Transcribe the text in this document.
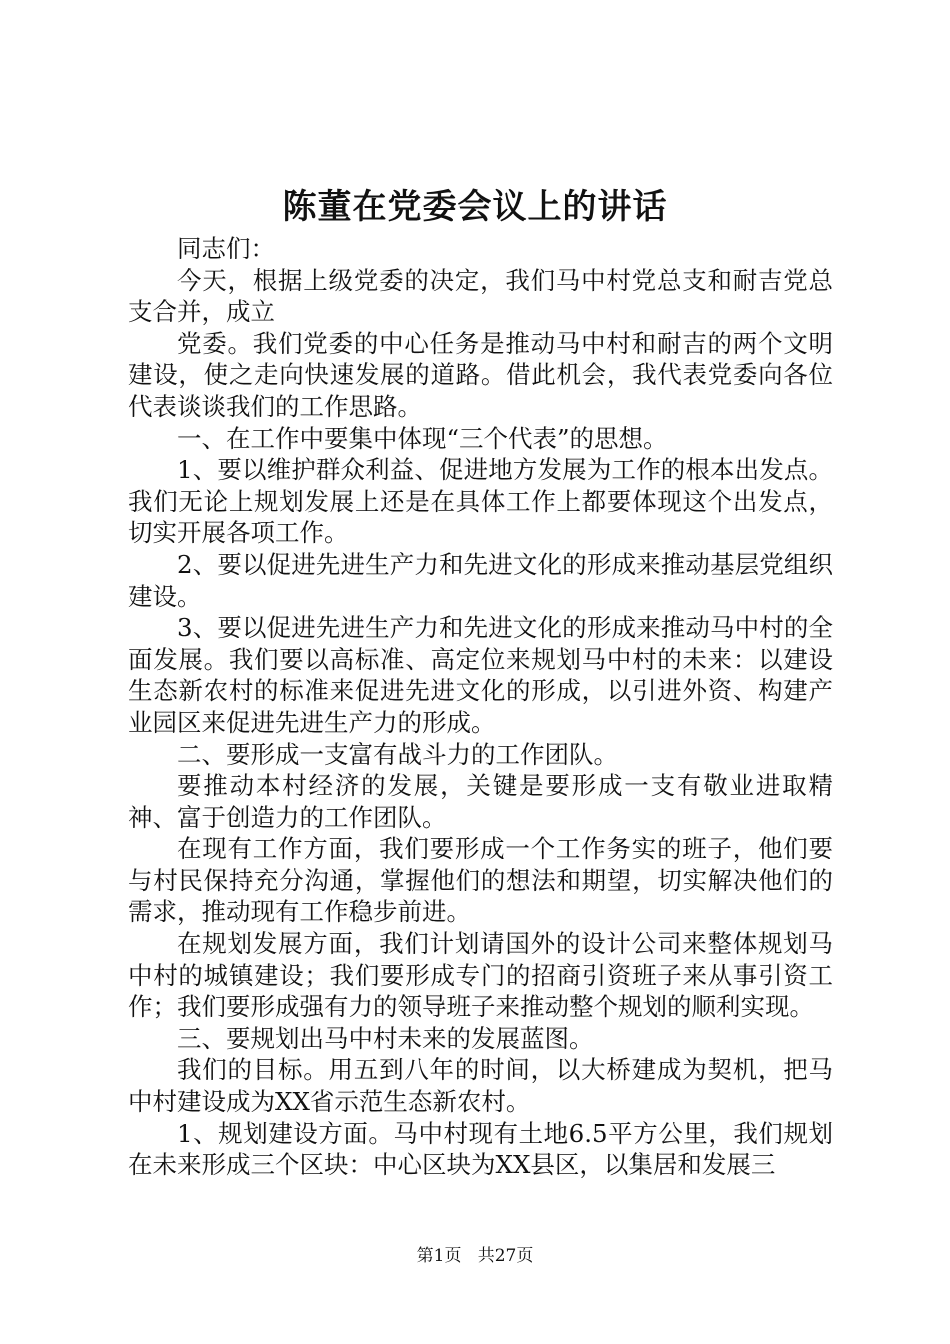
陈董在党委会议上的讲话

同志们：

今天，根据上级党委的决定，我们马中村党总支和耐吉党总支合并，成立

党委。我们党委的中心任务是推动马中村和耐吉的两个文明建设，使之走向快速发展的道路。借此机会，我代表党委向各位代表谈谈我们的工作思路。

一、在工作中要集中体现“三个代表”的思想。

1、要以维护群众利益、促进地方发展为工作的根本出发点。我们无论上规划发展上还是在具体工作上都要体现这个出发点，切实开展各项工作。

2、要以促进先进生产力和先进文化的形成来推动基层党组织建设。

3、要以促进先进生产力和先进文化的形成来推动马中村的全面发展。我们要以高标准、高定位来规划马中村的未来：以建设生态新农村的标准来促进先进文化的形成，以引进外资、构建产业园区来促进先进生产力的形成。

二、要形成一支富有战斗力的工作团队。

要推动本村经济的发展，关键是要形成一支有敬业进取精神、富于创造力的工作团队。

在现有工作方面，我们要形成一个工作务实的班子，他们要与村民保持充分沟通，掌握他们的想法和期望，切实解决他们的需求，推动现有工作稳步前进。

在规划发展方面，我们计划请国外的设计公司来整体规划马中村的城镇建设；我们要形成专门的招商引资班子来从事引资工作；我们要形成强有力的领导班子来推动整个规划的顺利实现。

三、要规划出马中村未来的发展蓝图。

我们的目标。用五到八年的时间，以大桥建成为契机，把马中村建设成为XX省示范生态新农村。

1、规划建设方面。马中村现有土地6.5平方公里，我们规划在未来形成三个区块：中心区块为XX县区，以集居和发展三

第1页 共27页
